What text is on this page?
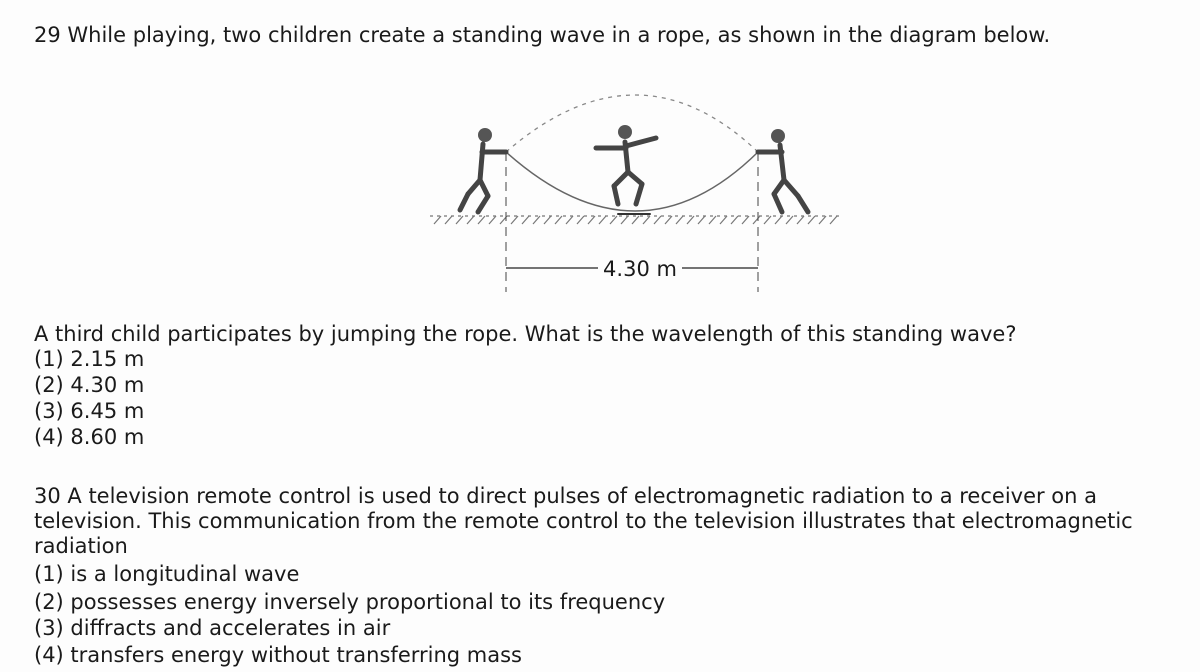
29 While playing, two children create a standing wave in a rope, as shown in the diagram below.
4.30 m
A third child participates by jumping the rope. What is the wavelength of this standing wave?
(1) 2.15 m
(2) 4.30 m
(3) 6.45 m
(4) 8.60 m
30 A television remote control is used to direct pulses of electromagnetic radiation to a receiver on a television. This communication from the remote control to the television illustrates that electromagnetic radiation
(1) is a longitudinal wave
(2) possesses energy inversely proportional to its frequency
(3) diffracts and accelerates in air
(4) transfers energy without transferring mass
